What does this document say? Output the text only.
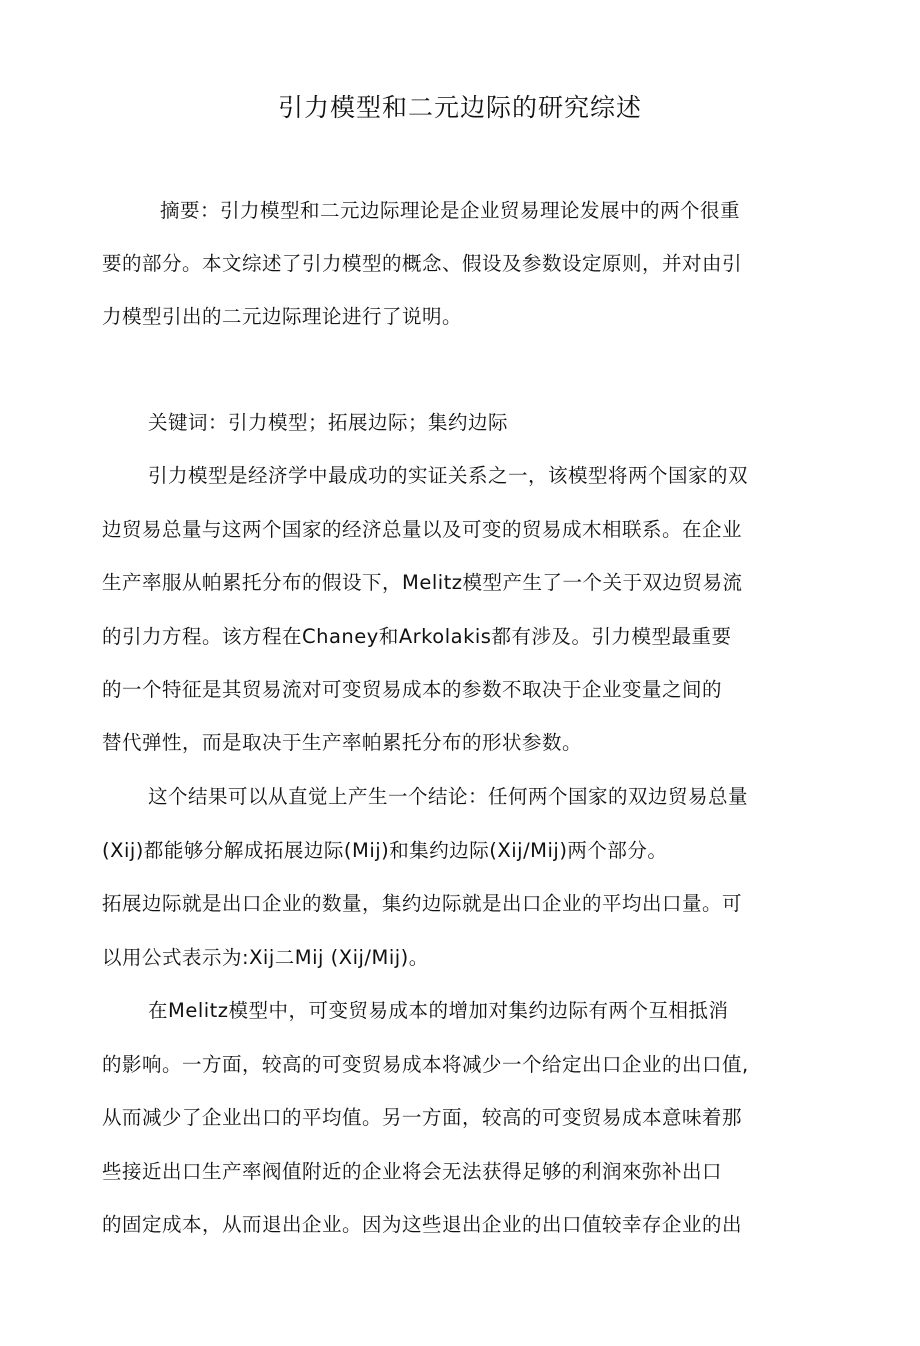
引力模型和二元边际的研究综述
摘要：引力模型和二元边际理论是企业贸易理论发展中的两个很重
要的部分。本文综述了引力模型的概念、假设及参数设定原则，并对由引
力模型引出的二元边际理论进行了说明。
关键词：引力模型；拓展边际；集约边际
引力模型是经济学中最成功的实证关系之一，该模型将两个国家的双
边贸易总量与这两个国家的经济总量以及可变的贸易成木相联系。在企业
生产率服从帕累托分布的假设下，Melitz模型产生了一个关于双边贸易流
的引力方程。该方程在Chaney和Arkolakis都有涉及。引力模型最重要
的一个特征是其贸易流对可变贸易成本的参数不取决于企业变量之间的
替代弹性，而是取决于生产率帕累托分布的形状参数。
这个结果可以从直觉上产生一个结论：任何两个国家的双边贸易总量
(Xij)都能够分解成拓展边际(Mij)和集约边际(Xij/Mij)两个部分。
拓展边际就是出口企业的数量，集约边际就是出口企业的平均出口量。可
以用公式表示为:Xij二Mij (Xij/Mij)。
在Melitz模型中，可变贸易成本的增加对集约边际有两个互相抵消
的影响。一方面，较高的可变贸易成本将减少一个给定出口企业的出口值,
从而减少了企业出口的平均值。另一方面，较高的可变贸易成本意味着那
些接近出口生产率阀值附近的企业将会无法获得足够的利润來弥补出口
的固定成本，从而退出企业。因为这些退出企业的出口值较幸存企业的出
